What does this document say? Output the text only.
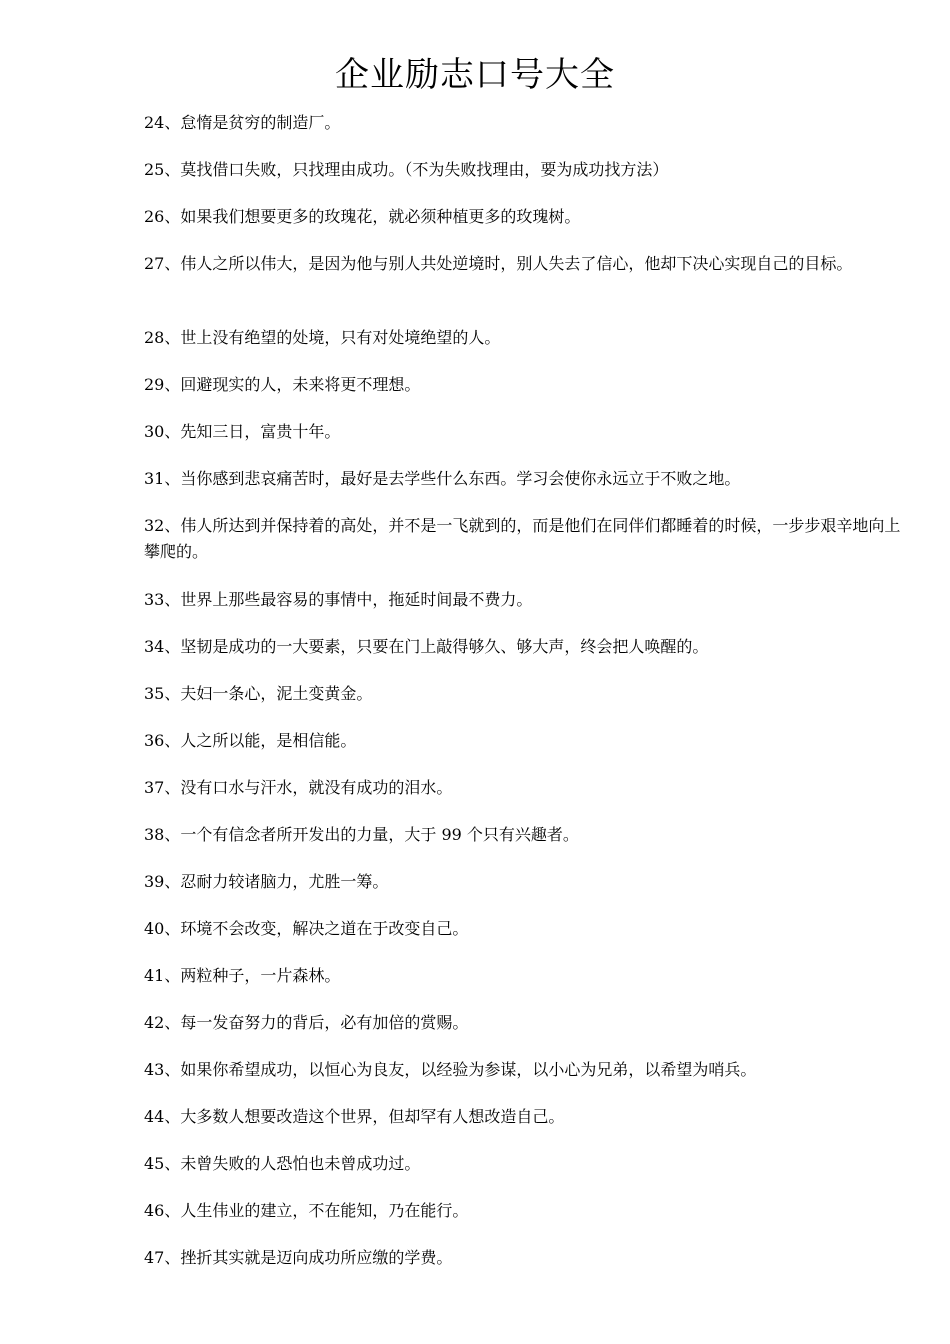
企业励志口号大全
24、怠惰是贫穷的制造厂。
25、莫找借口失败，只找理由成功。（不为失败找理由，要为成功找方法）
26、如果我们想要更多的玫瑰花，就必须种植更多的玫瑰树。
27、伟人之所以伟大，是因为他与别人共处逆境时，别人失去了信心，他却下决心实现自己的目标。
28、世上没有绝望的处境，只有对处境绝望的人。
29、回避现实的人，未来将更不理想。
30、先知三日，富贵十年。
31、当你感到悲哀痛苦时，最好是去学些什么东西。学习会使你永远立于不败之地。
32、伟人所达到并保持着的高处，并不是一飞就到的，而是他们在同伴们都睡着的时候，一步步艰辛地向上攀爬的。
33、世界上那些最容易的事情中，拖延时间最不费力。
34、坚韧是成功的一大要素，只要在门上敲得够久、够大声，终会把人唤醒的。
35、夫妇一条心，泥土变黄金。
36、人之所以能，是相信能。
37、没有口水与汗水，就没有成功的泪水。
38、一个有信念者所开发出的力量，大于 99 个只有兴趣者。
39、忍耐力较诸脑力，尤胜一筹。
40、环境不会改变，解决之道在于改变自己。
41、两粒种子，一片森林。
42、每一发奋努力的背后，必有加倍的赏赐。
43、如果你希望成功，以恒心为良友，以经验为参谋，以小心为兄弟，以希望为哨兵。
44、大多数人想要改造这个世界，但却罕有人想改造自己。
45、未曾失败的人恐怕也未曾成功过。
46、人生伟业的建立，不在能知，乃在能行。
47、挫折其实就是迈向成功所应缴的学费。
